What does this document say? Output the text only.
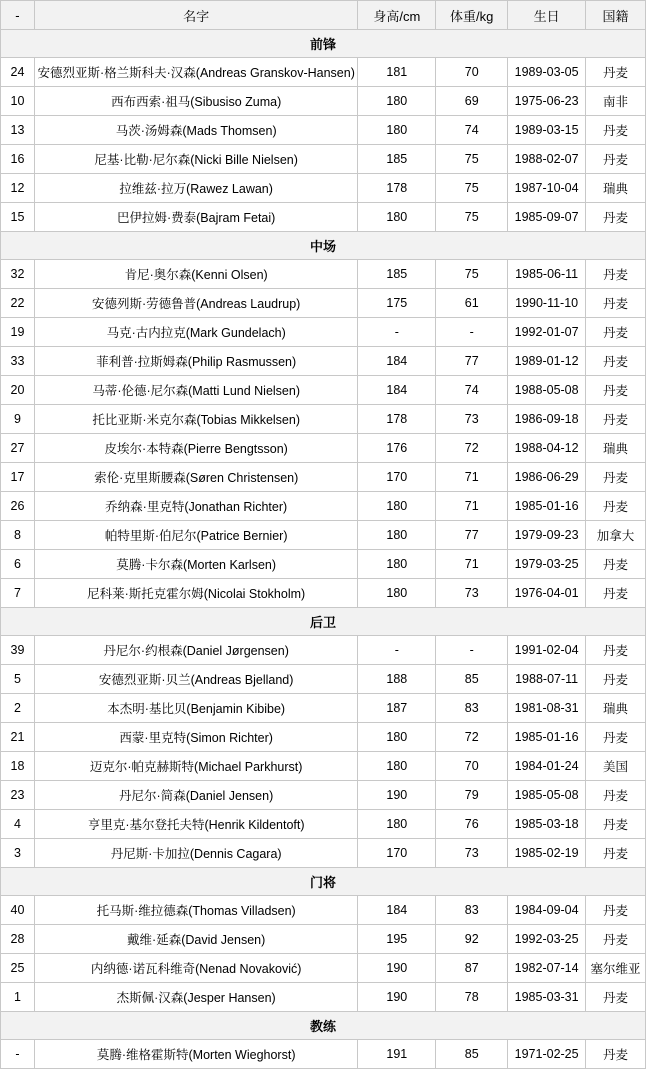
-	名字	身高/cm	体重/kg	生日	国籍
前锋					
24	安德烈亚斯·格兰斯科夫·汉森(Andreas Granskov-Hansen)	181	70	1989-03-05	丹麦
10	西布西索·祖马(Sibusiso Zuma)	180	69	1975-06-23	南非
13	马茨·汤姆森(Mads Thomsen)	180	74	1989-03-15	丹麦
16	尼基·比勒·尼尔森(Nicki Bille Nielsen)	185	75	1988-02-07	丹麦
12	拉维兹·拉万(Rawez Lawan)	178	75	1987-10-04	瑞典
15	巴伊拉姆·费泰(Bajram Fetai)	180	75	1985-09-07	丹麦
中场					
32	肯尼·奥尔森(Kenni Olsen)	185	75	1985-06-11	丹麦
22	安德列斯·劳德鲁普(Andreas Laudrup)	175	61	1990-11-10	丹麦
19	马克·古内拉克(Mark Gundelach)	-	-	1992-01-07	丹麦
33	菲利普·拉斯姆森(Philip Rasmussen)	184	77	1989-01-12	丹麦
20	马蒂·伦德·尼尔森(Matti Lund Nielsen)	184	74	1988-05-08	丹麦
9	托比亚斯·米克尔森(Tobias Mikkelsen)	178	73	1986-09-18	丹麦
27	皮埃尔·本特森(Pierre Bengtsson)	176	72	1988-04-12	瑞典
17	索伦·克里斯腰森(Søren Christensen)	170	71	1986-06-29	丹麦
26	乔纳森·里克特(Jonathan Richter)	180	71	1985-01-16	丹麦
8	帕特里斯·伯尼尔(Patrice Bernier)	180	77	1979-09-23	加拿大
6	莫腾·卡尔森(Morten Karlsen)	180	71	1979-03-25	丹麦
7	尼科莱·斯托克霍尔姆(Nicolai Stokholm)	180	73	1976-04-01	丹麦
后卫					
39	丹尼尔·约根森(Daniel Jørgensen)	-	-	1991-02-04	丹麦
5	安德烈亚斯·贝兰(Andreas Bjelland)	188	85	1988-07-11	丹麦
2	本杰明·基比贝(Benjamin Kibibe)	187	83	1981-08-31	瑞典
21	西蒙·里克特(Simon Richter)	180	72	1985-01-16	丹麦
18	迈克尔·帕克赫斯特(Michael Parkhurst)	180	70	1984-01-24	美国
23	丹尼尔·简森(Daniel Jensen)	190	79	1985-05-08	丹麦
4	亨里克·基尔登托夫特(Henrik Kildentoft)	180	76	1985-03-18	丹麦
3	丹尼斯·卡加拉(Dennis Cagara)	170	73	1985-02-19	丹麦
门将					
40	托马斯·维拉德森(Thomas Villadsen)	184	83	1984-09-04	丹麦
28	戴维·延森(David Jensen)	195	92	1992-03-25	丹麦
25	内纳德·诺瓦科维奇(Nenad Novaković)	190	87	1982-07-14	塞尔维亚
1	杰斯佩·汉森(Jesper Hansen)	190	78	1985-03-31	丹麦
教练					
-	莫腾·维格霍斯特(Morten Wieghorst)	191	85	1971-02-25	丹麦
